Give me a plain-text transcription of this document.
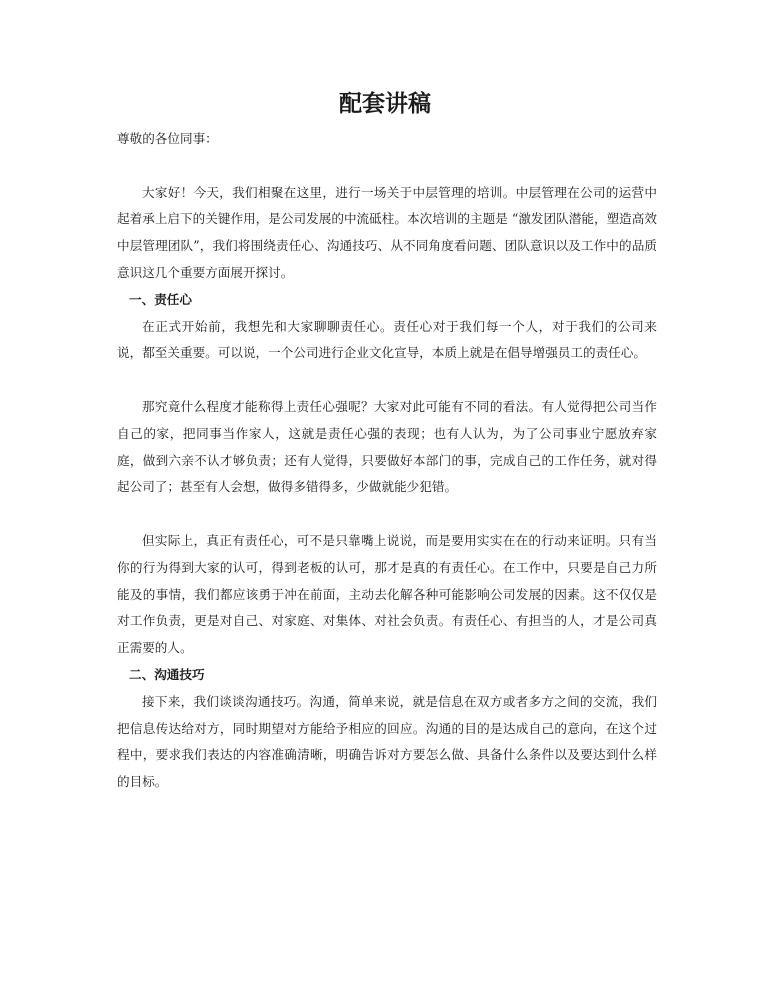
配套讲稿

尊敬的各位同事：

大家好！今天，我们相聚在这里，进行一场关于中层管理的培训。中层管理在公司的运营中起着承上启下的关键作用，是公司发展的中流砥柱。本次培训的主题是 “激发团队潜能，塑造高效中层管理团队”，我们将围绕责任心、沟通技巧、从不同角度看问题、团队意识以及工作中的品质意识这几个重要方面展开探讨。

一、责任心

在正式开始前，我想先和大家聊聊责任心。责任心对于我们每一个人，对于我们的公司来说，都至关重要。可以说，一个公司进行企业文化宣导，本质上就是在倡导增强员工的责任心。

那究竟什么程度才能称得上责任心强呢？大家对此可能有不同的看法。有人觉得把公司当作自己的家，把同事当作家人，这就是责任心强的表现；也有人认为，为了公司事业宁愿放弃家庭，做到六亲不认才够负责；还有人觉得，只要做好本部门的事，完成自己的工作任务，就对得起公司了；甚至有人会想，做得多错得多，少做就能少犯错。

但实际上，真正有责任心，可不是只靠嘴上说说，而是要用实实在在的行动来证明。只有当你的行为得到大家的认可，得到老板的认可，那才是真的有责任心。在工作中，只要是自己力所能及的事情，我们都应该勇于冲在前面，主动去化解各种可能影响公司发展的因素。这不仅仅是对工作负责，更是对自己、对家庭、对集体、对社会负责。有责任心、有担当的人，才是公司真正需要的人。

二、沟通技巧

接下来，我们谈谈沟通技巧。沟通，简单来说，就是信息在双方或者多方之间的交流，我们把信息传达给对方，同时期望对方能给予相应的回应。沟通的目的是达成自己的意向，在这个过程中，要求我们表达的内容准确清晰，明确告诉对方要怎么做、具备什么条件以及要达到什么样的目标。
